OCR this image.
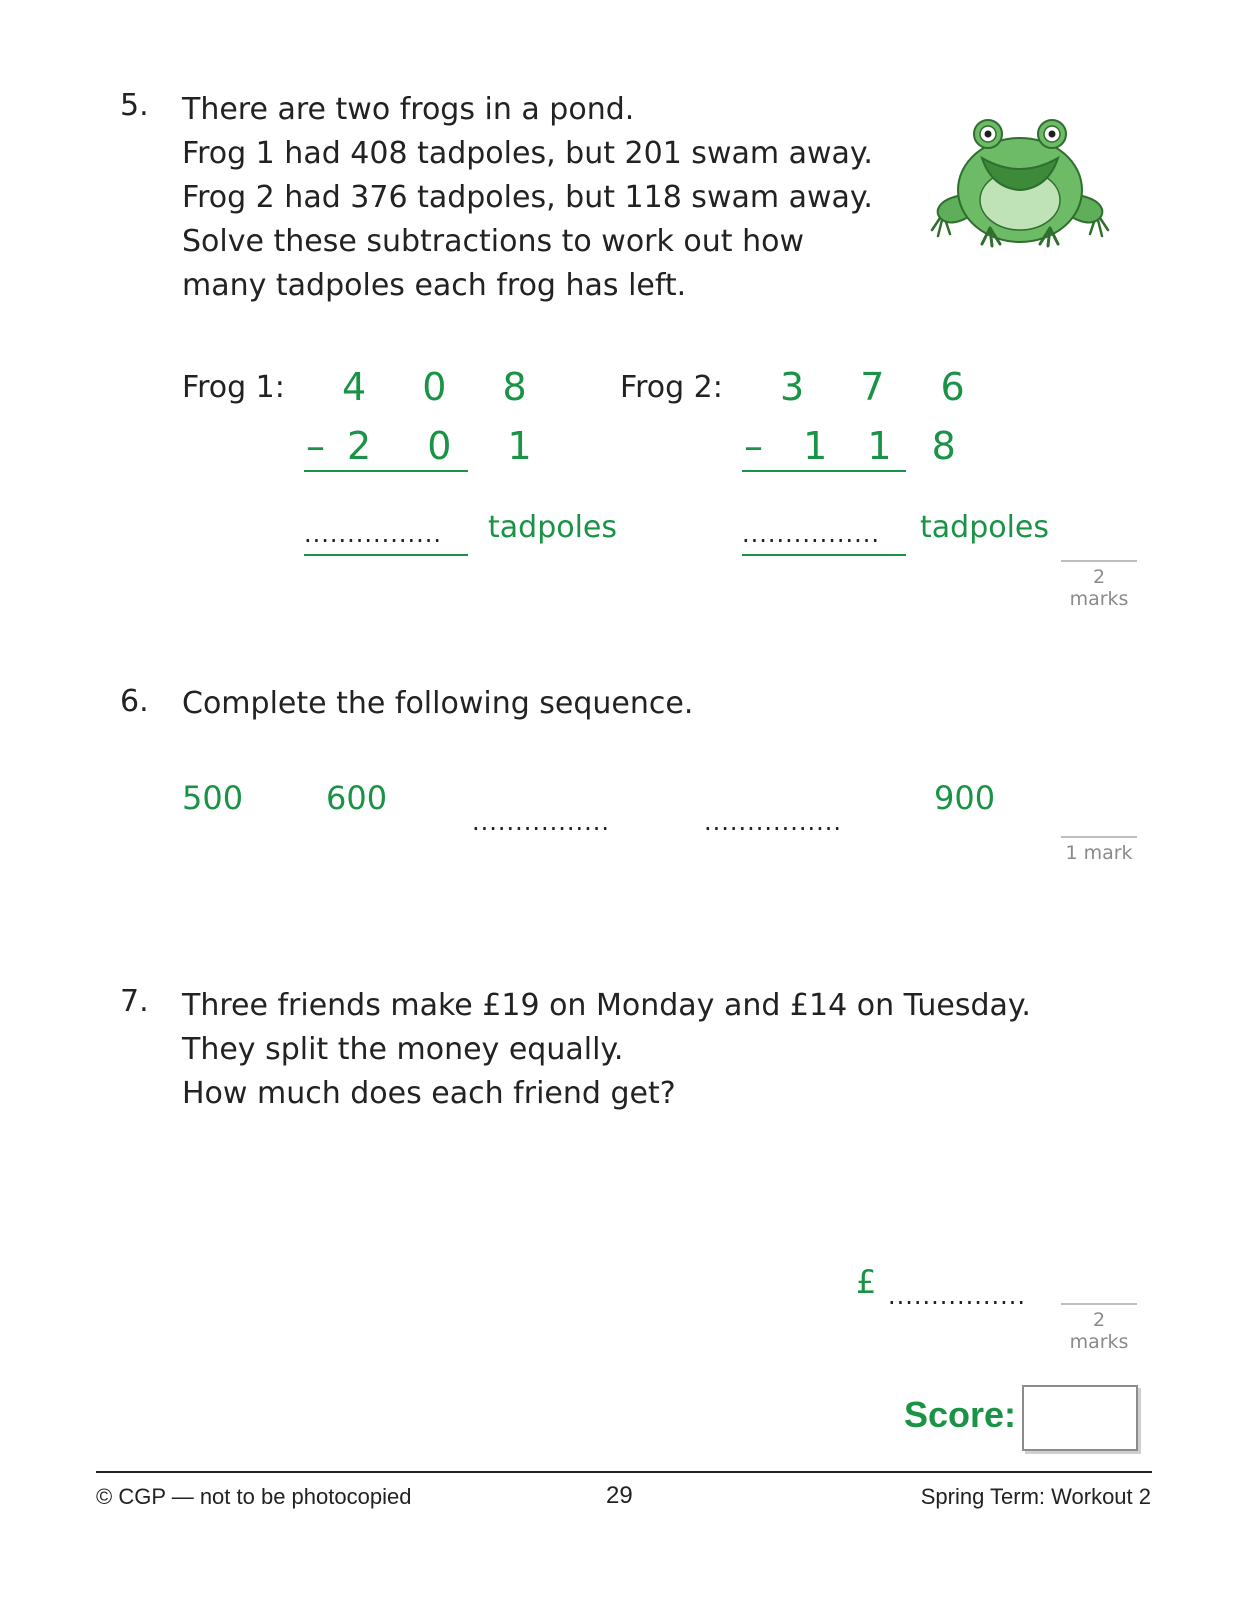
5. There are two frogs in a pond.
Frog 1 had 408 tadpoles, but 201 swam away.
Frog 2 had 376 tadpoles, but 118 swam away.
Solve these subtractions to work out how
many tadpoles each frog has left.
Frog 1: 4 0 8
–2 0 1
................ tadpoles
Frog 2: 3 7 6
– 1 1 8
................ tadpoles
2 marks
6. Complete the following sequence.
500	600
................	................
900
1 mark
7. Three friends make £19 on Monday and £14 on Tuesday.
They split the money equally.
How much does each friend get?
£ ................
2 marks
Score:
© CGP — not to be photocopied	29	Spring Term: Workout 2
